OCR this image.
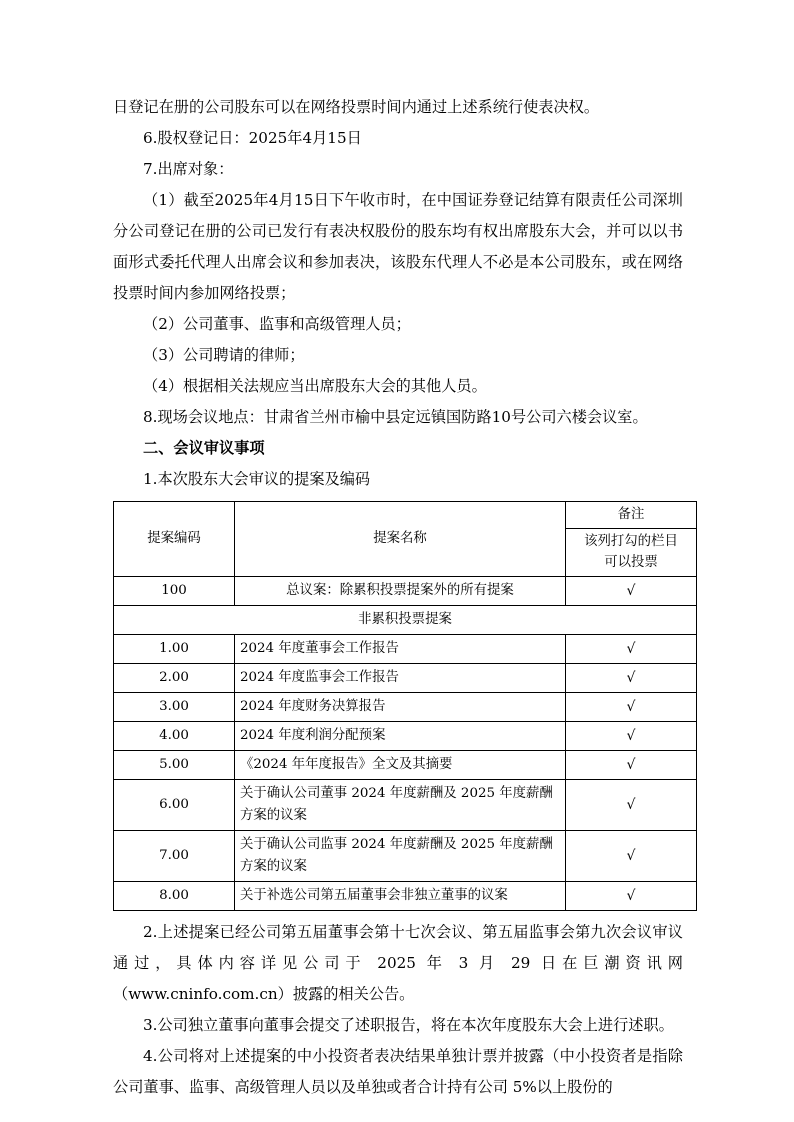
日登记在册的公司股东可以在网络投票时间内通过上述系统行使表决权。

6.股权登记日：2025年4月15日

7.出席对象：

（1）截至2025年4月15日下午收市时，在中国证券登记结算有限责任公司深圳分公司登记在册的公司已发行有表决权股份的股东均有权出席股东大会，并可以以书面形式委托代理人出席会议和参加表决，该股东代理人不必是本公司股东，或在网络投票时间内参加网络投票；

（2）公司董事、监事和高级管理人员；

（3）公司聘请的律师；

（4）根据相关法规应当出席股东大会的其他人员。

8.现场会议地点：甘肃省兰州市榆中县定远镇国防路10号公司六楼会议室。

二、会议审议事项

1.本次股东大会审议的提案及编码

提案编码	提案名称	备注
该列打勾的栏目
可以投票

100	总议案：除累积投票提案外的所有提案	√
非累积投票提案		
1.00	2024 年度董事会工作报告	√
2.00	2024 年度监事会工作报告	√
3.00	2024 年度财务决算报告	√
4.00	2024 年度利润分配预案	√
5.00	《2024 年年度报告》全文及其摘要	√
6.00	关于确认公司董事 2024 年度薪酬及 2025 年度薪酬方案的议案	√
7.00	关于确认公司监事 2024 年度薪酬及 2025 年度薪酬方案的议案	√
8.00	关于补选公司第五届董事会非独立董事的议案	√

2.上述提案已经公司第五届董事会第十七次会议、第五届监事会第九次会议审议通过，具体内容详见公司于 2025 年 3 月 29 日在巨潮资讯网（www.cninfo.com.cn）披露的相关公告。

3.公司独立董事向董事会提交了述职报告，将在本次年度股东大会上进行述职。

4.公司将对上述提案的中小投资者表决结果单独计票并披露（中小投资者是指除公司董事、监事、高级管理人员以及单独或者合计持有公司 5%以上股份的
